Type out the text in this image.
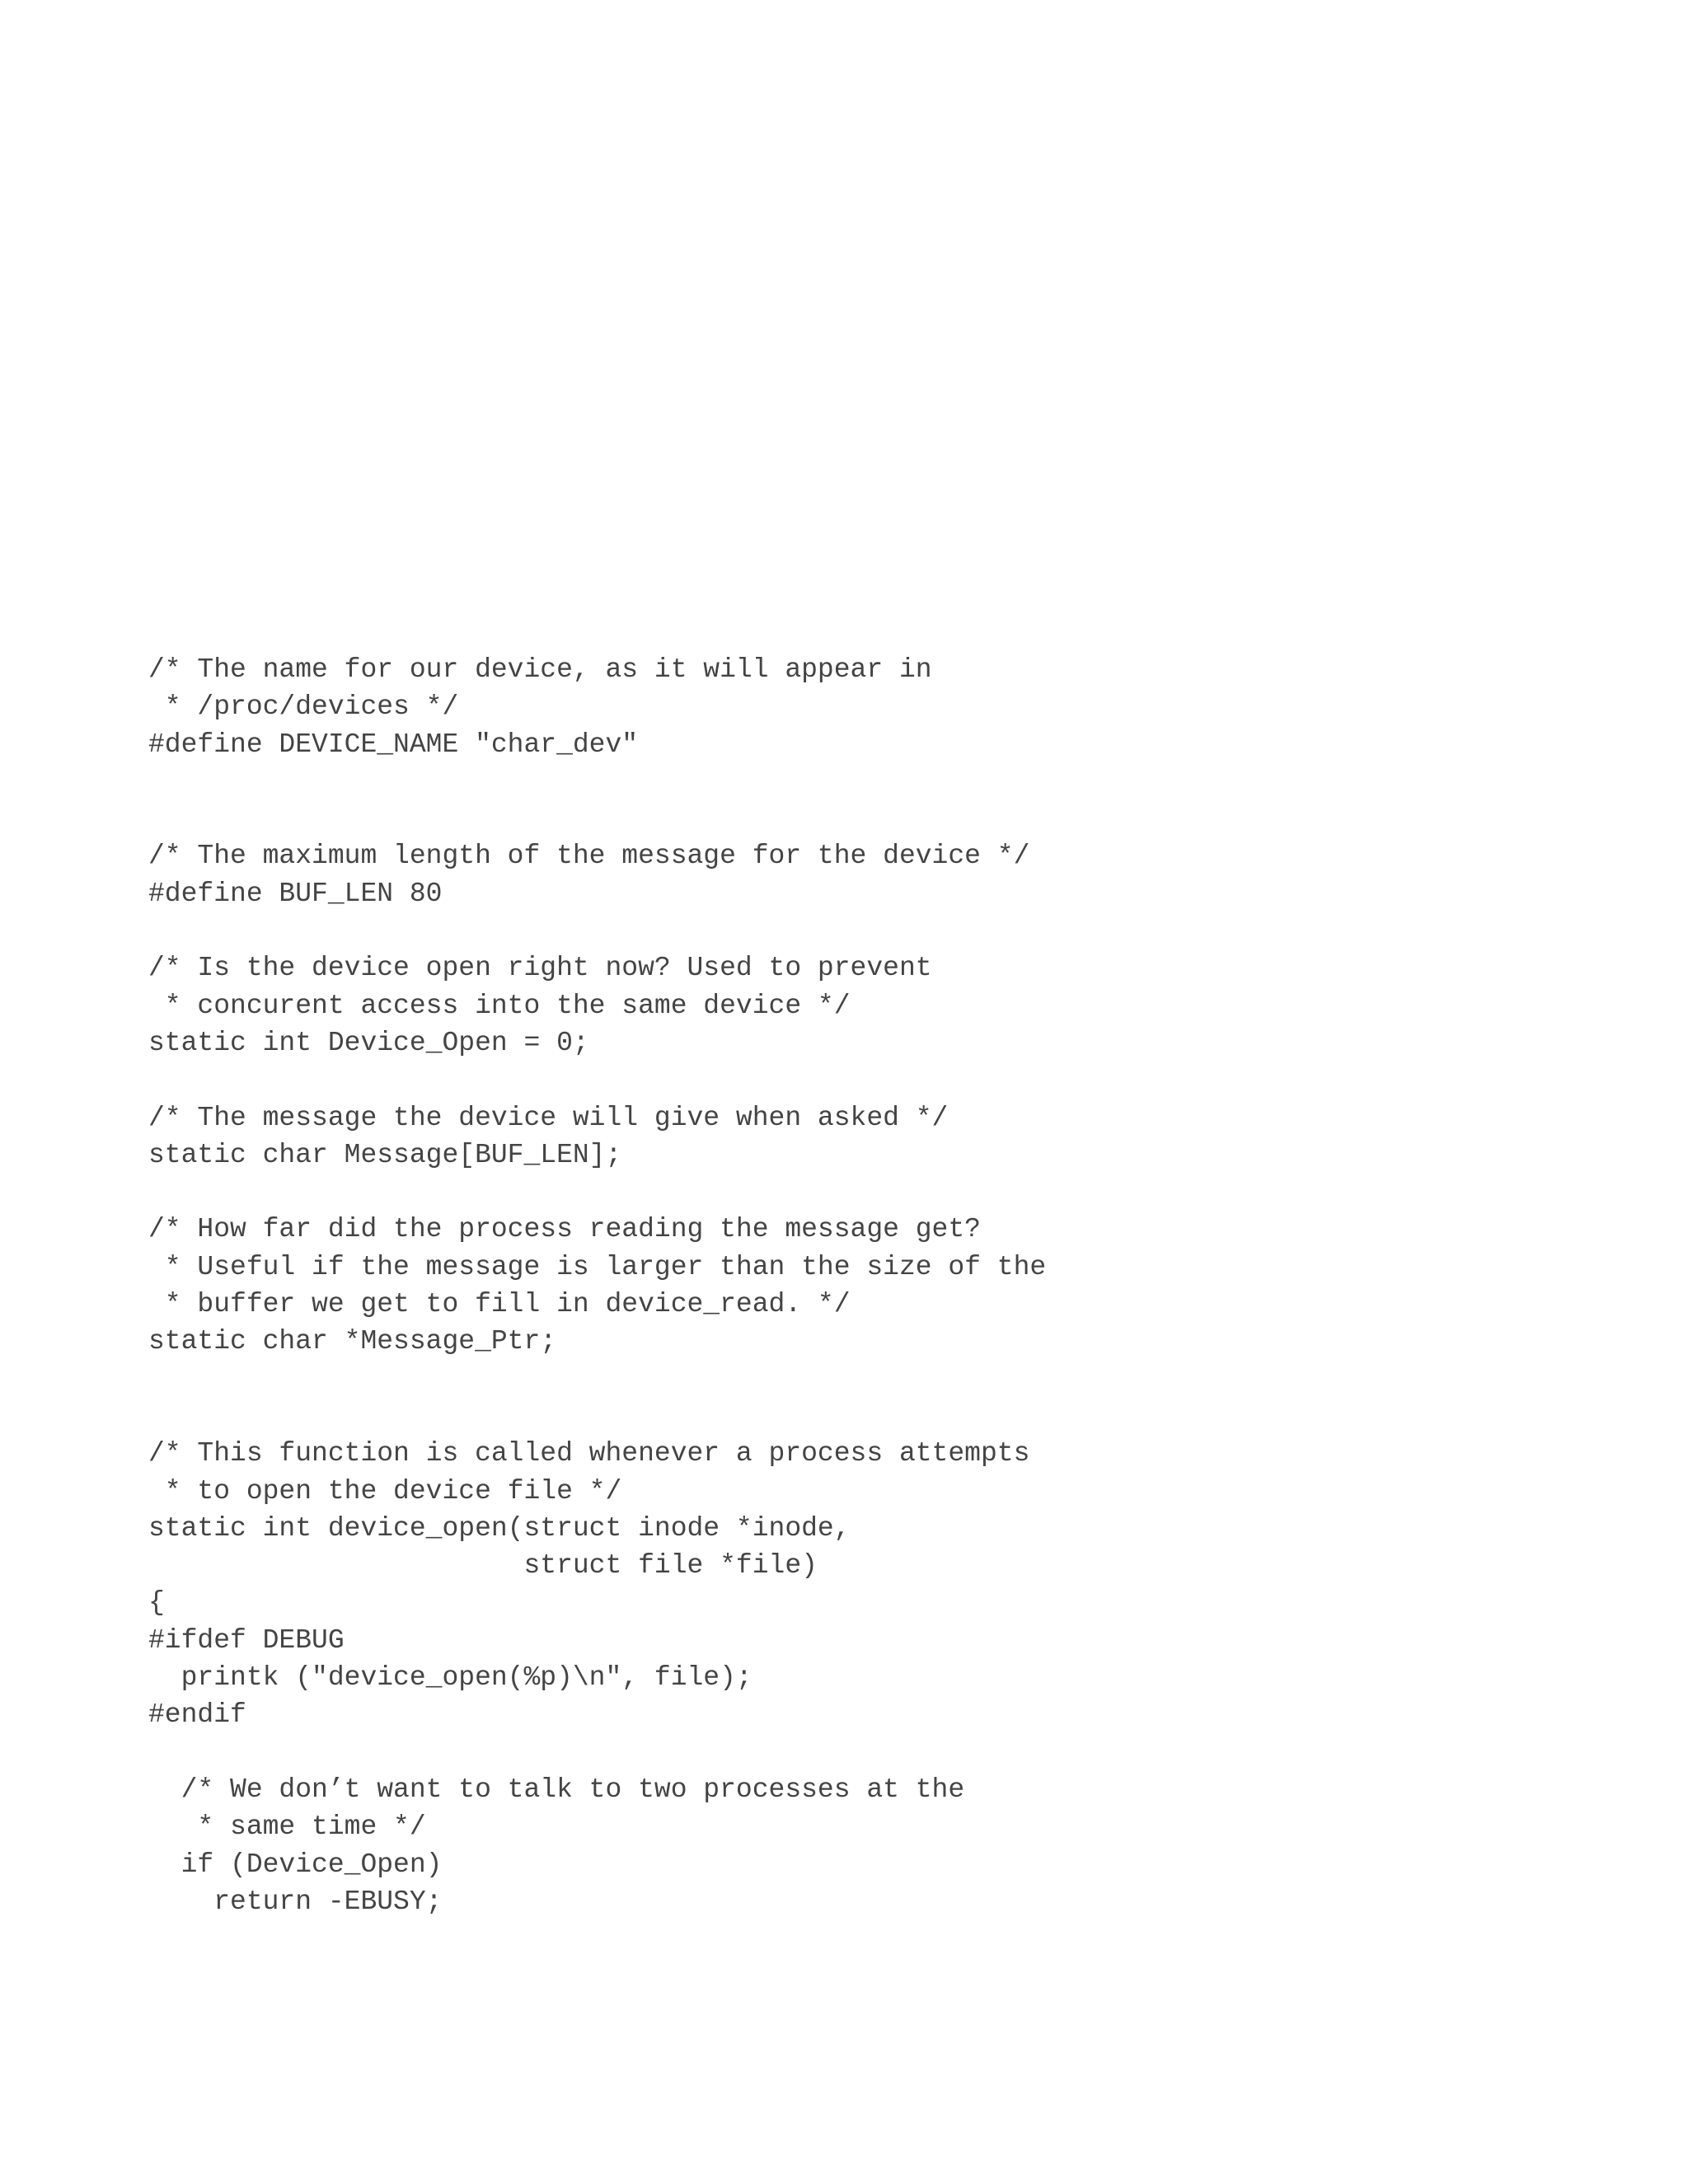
/* The name for our device, as it will appear in
* /proc/devices */
#define DEVICE_NAME "char_dev"
/* The maximum length of the message for the device */
#define BUF_LEN 80
/* Is the device open right now? Used to prevent
* concurent access into the same device */
static int Device_Open = 0;
/* The message the device will give when asked */
static char Message[BUF_LEN];
/* How far did the process reading the message get?
* Useful if the message is larger than the size of the
* buffer we get to fill in device_read. */
static char *Message_Ptr;
/* This function is called whenever a process attempts
* to open the device file */
static int device_open(struct inode *inode,
struct file *file)
{
#ifdef DEBUG
printk ("device_open(%p)\n", file);
#endif
/* We don’t want to talk to two processes at the
* same time */
if (Device_Open)
return -EBUSY;
